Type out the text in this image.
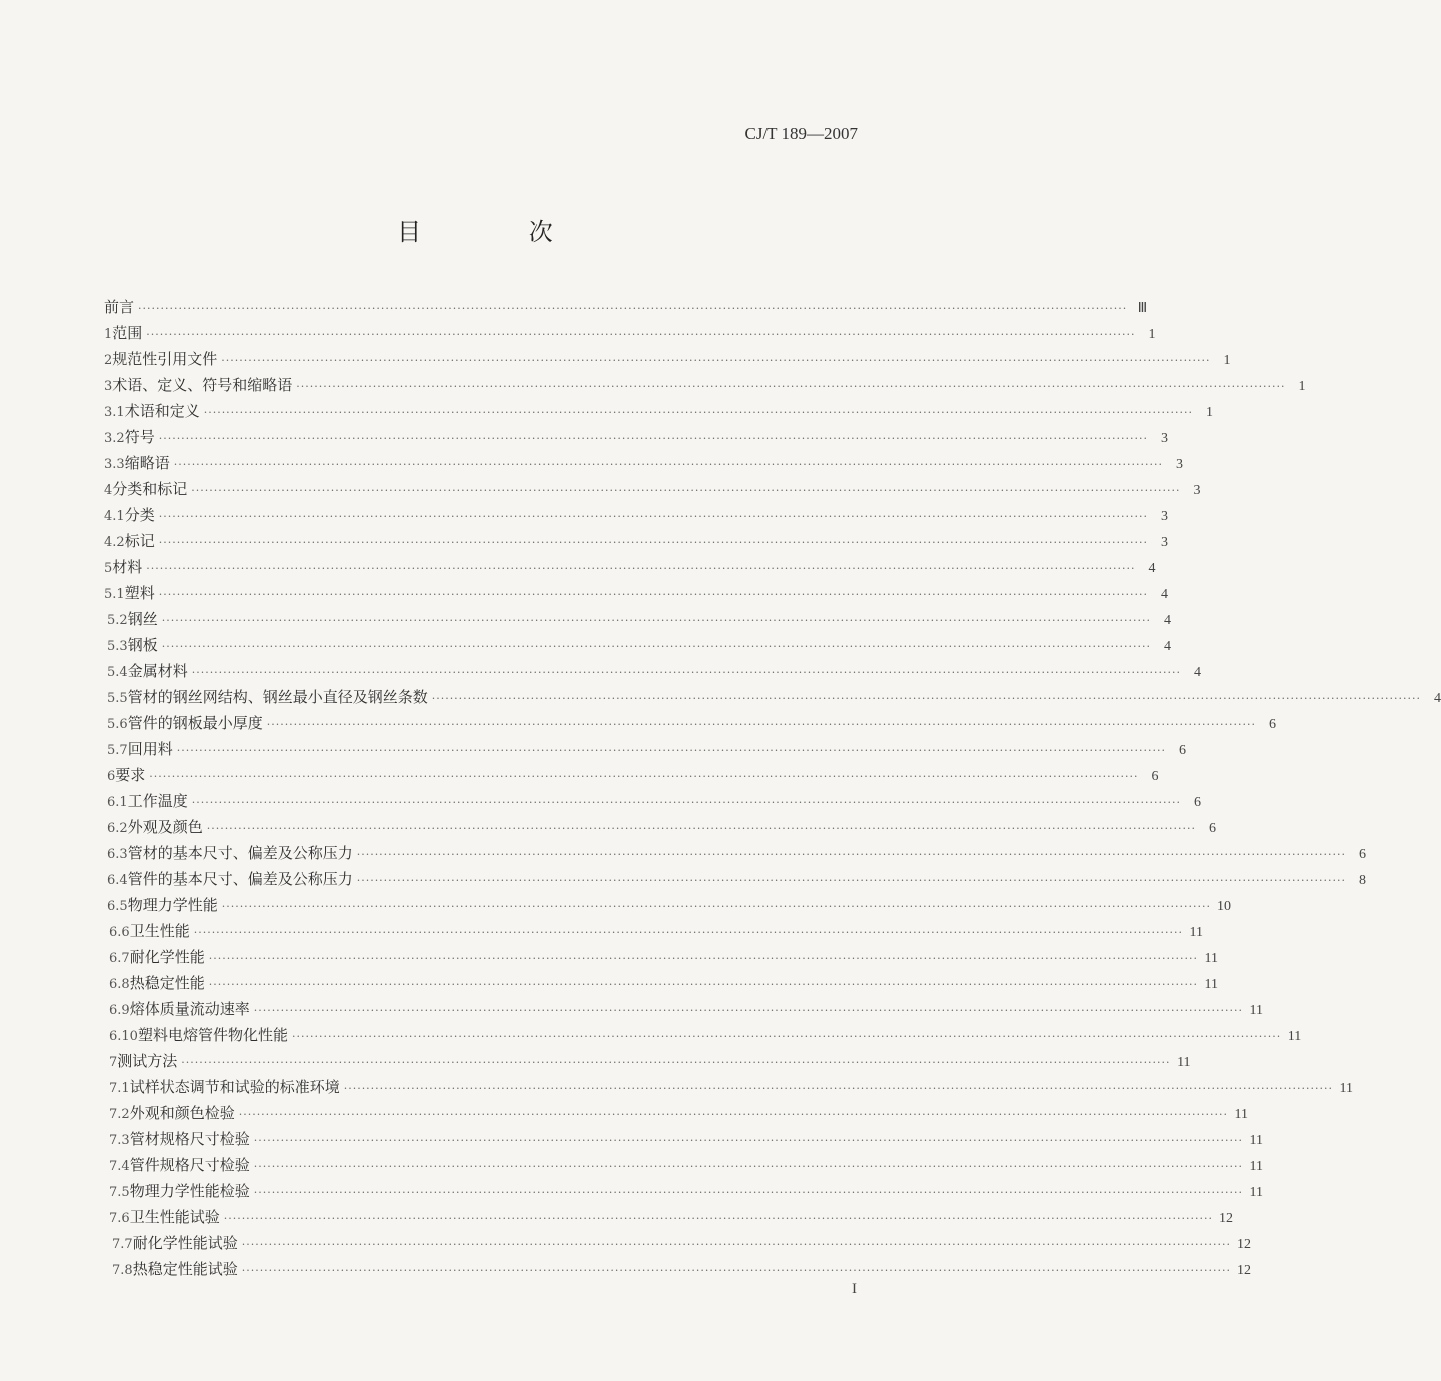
CJ/T 189—2007
目 次
前言 ···························································································································································································································· Ⅲ
1 范围 ···························································································································································································································· 1
2 规范性引用文件 ···························································································································································································································· 1
3 术语、定义、符号和缩略语 ···························································································································································································································· 1
3.1 术语和定义 ···························································································································································································································· 1
3.2 符号 ···························································································································································································································· 3
3.3 缩略语 ···························································································································································································································· 3
4 分类和标记 ···························································································································································································································· 3
4.1 分类 ···························································································································································································································· 3
4.2 标记 ···························································································································································································································· 3
5 材料 ···························································································································································································································· 4
5.1 塑料 ···························································································································································································································· 4
5.2 钢丝 ···························································································································································································································· 4
5.3 钢板 ···························································································································································································································· 4
5.4 金属材料 ···························································································································································································································· 4
5.5 管材的钢丝网结构、钢丝最小直径及钢丝条数 ···························································································································································································································· 4
5.6 管件的钢板最小厚度 ···························································································································································································································· 6
5.7 回用料 ···························································································································································································································· 6
6 要求 ···························································································································································································································· 6
6.1 工作温度 ···························································································································································································································· 6
6.2 外观及颜色 ···························································································································································································································· 6
6.3 管材的基本尺寸、偏差及公称压力 ···························································································································································································································· 6
6.4 管件的基本尺寸、偏差及公称压力 ···························································································································································································································· 8
6.5 物理力学性能 ···························································································································································································································· 10
6.6 卫生性能 ···························································································································································································································· 11
6.7 耐化学性能 ···························································································································································································································· 11
6.8 热稳定性能 ···························································································································································································································· 11
6.9 熔体质量流动速率 ···························································································································································································································· 11
6.10 塑料电熔管件物化性能 ···························································································································································································································· 11
7 测试方法 ···························································································································································································································· 11
7.1 试样状态调节和试验的标准环境 ···························································································································································································································· 11
7.2 外观和颜色检验 ···························································································································································································································· 11
7.3 管材规格尺寸检验 ···························································································································································································································· 11
7.4 管件规格尺寸检验 ···························································································································································································································· 11
7.5 物理力学性能检验 ···························································································································································································································· 11
7.6 卫生性能试验 ···························································································································································································································· 12
7.7 耐化学性能试验 ···························································································································································································································· 12
7.8 热稳定性能试验 ···························································································································································································································· 12
I
